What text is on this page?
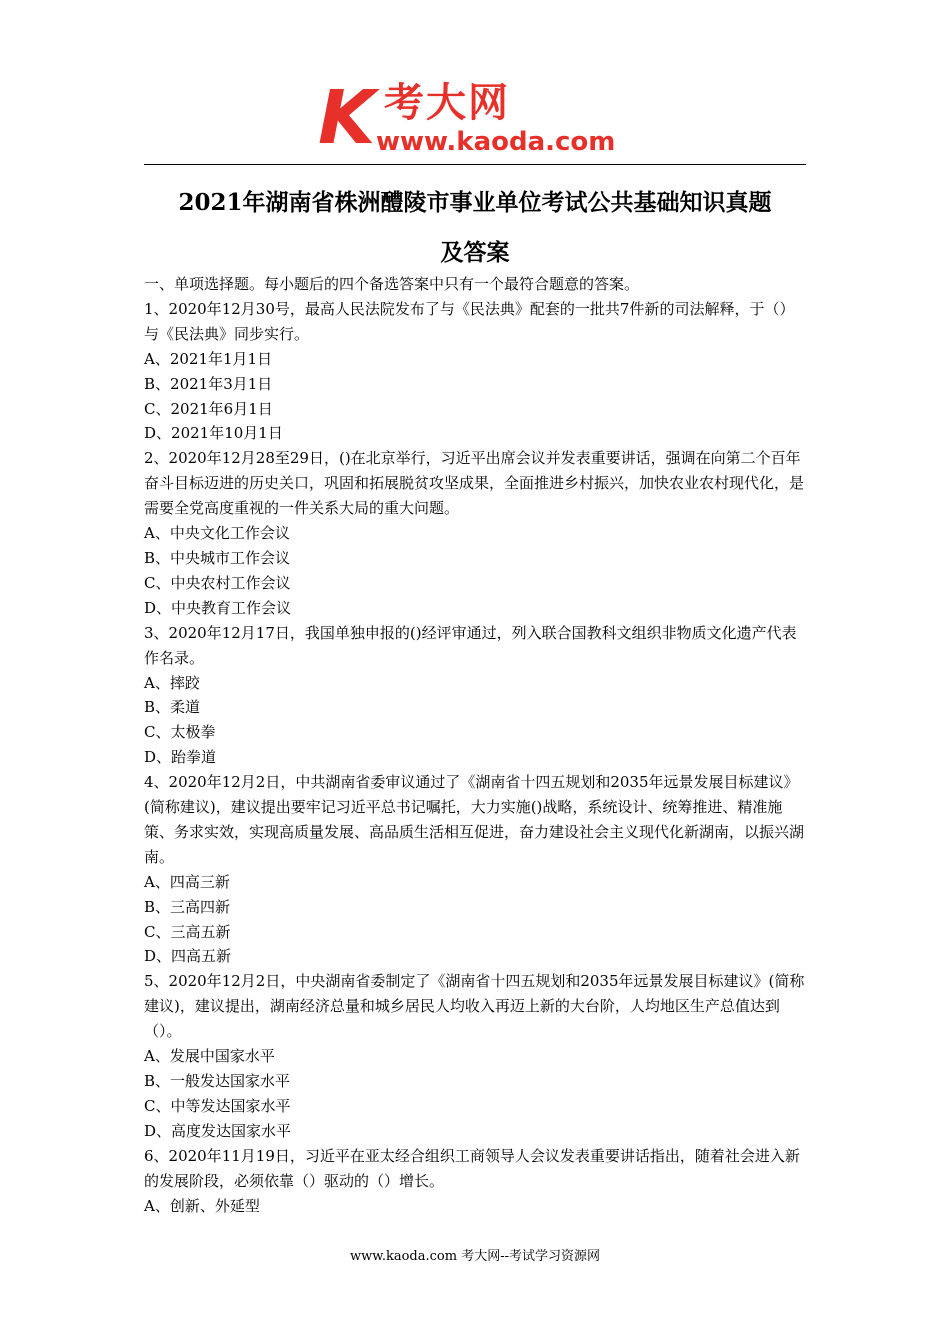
K 考大网
www.kaoda.com
2021年湖南省株洲醴陵市事业单位考试公共基础知识真题
及答案

一、单项选择题。每小题后的四个备选答案中只有一个最符合题意的答案。

1、2020年12月30号，最高人民法院发布了与《民法典》配套的一批共7件新的司法解释，于（）与《民法典》同步实行。

A、2021年1月1日

B、2021年3月1日

C、2021年6月1日

D、2021年10月1日

2、2020年12月28至29日，()在北京举行，习近平出席会议并发表重要讲话，强调在向第二个百年奋斗目标迈进的历史关口，巩固和拓展脱贫攻坚成果，全面推进乡村振兴，加快农业农村现代化，是需要全党高度重视的一件关系大局的重大问题。

A、中央文化工作会议

B、中央城市工作会议

C、中央农村工作会议

D、中央教育工作会议

3、2020年12月17日，我国单独申报的()经评审通过，列入联合国教科文组织非物质文化遗产代表作名录。

A、摔跤

B、柔道

C、太极拳

D、跆拳道

4、2020年12月2日，中共湖南省委审议通过了《湖南省十四五规划和2035年远景发展目标建议》(简称建议)，建议提出要牢记习近平总书记嘱托，大力实施()战略，系统设计、统筹推进、精准施策、务求实效，实现高质量发展、高品质生活相互促进，奋力建设社会主义现代化新湖南，以振兴湖南。

A、四高三新

B、三高四新

C、三高五新

D、四高五新

5、2020年12月2日，中央湖南省委制定了《湖南省十四五规划和2035年远景发展目标建议》(简称建议)，建议提出，湖南经济总量和城乡居民人均收入再迈上新的大台阶，人均地区生产总值达到（）。

A、发展中国家水平

B、一般发达国家水平

C、中等发达国家水平

D、高度发达国家水平

6、2020年11月19日，习近平在亚太经合组织工商领导人会议发表重要讲话指出，随着社会进入新的发展阶段，必须依靠（）驱动的（）增长。

A、创新、外延型

www.kaoda.com 考大网--考试学习资源网
